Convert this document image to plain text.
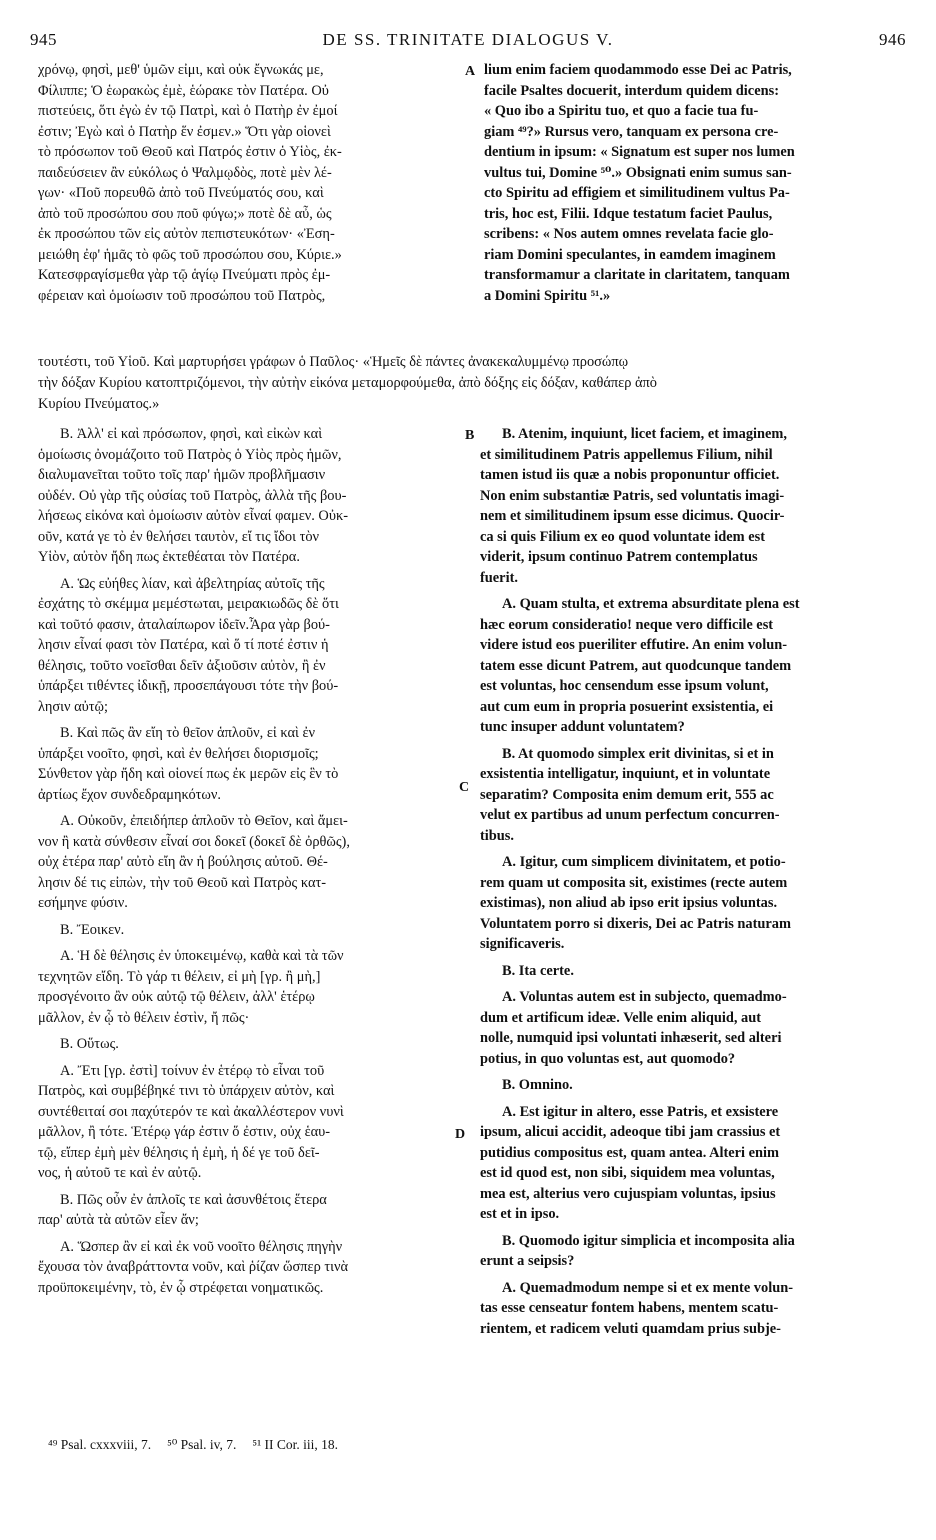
945	DE SS. TRINITATE DIALOGUS V.	946
χρόνῳ, φησὶ, μεθ' ὑμῶν εἰμι, καὶ οὐκ ἔγνωκάς με,
Φίλιππε; Ὁ ἑωρακὼς ἐμὲ, ἑώρακε τὸν Πατέρα. Οὐ
πιστεύεις, ὅτι ἐγὼ ἐν τῷ Πατρὶ, καὶ ὁ Πατὴρ ἐν ἐμοί
ἐστιν; Ἐγὼ καὶ ὁ Πατὴρ ἕν ἐσμεν.» Ὅτι γὰρ οἱονεὶ
τὸ πρόσωπον τοῦ Θεοῦ καὶ Πατρός ἐστιν ὁ Υἱὸς, ἐκ-
παιδεύσειεν ἂν εὐκόλως ὁ Ψαλμῳδὸς, ποτὲ μὲν λέ-
γων· «Ποῦ πορευθῶ ἀπὸ τοῦ Πνεύματός σου, καὶ
ἀπὸ τοῦ προσώπου σου ποῦ φύγω;» ποτὲ δὲ αὖ, ὡς
ἐκ προσώπου τῶν εἰς αὐτὸν πεπιστευκότων· «Ἐση-
μειώθη ἐφ' ἡμᾶς τὸ φῶς τοῦ προσώπου σου, Κύριε.»
Κατεσφραγίσμεθα γὰρ τῷ ἁγίῳ Πνεύματι πρὸς ἐμ-
φέρειαν καὶ ὁμοίωσιν τοῦ προσώπου τοῦ Πατρὸς,
lium enim faciem quodammodo esse Dei ac Patris,
facile Psaltes docuerit, interdum quidem dicens:
« Quo ibo a Spiritu tuo, et quo a facie tua fu-
giam ⁴⁹?» Rursus vero, tanquam ex persona cre-
dentium in ipsum: « Signatum est super nos lumen
vultus tui, Domine ⁵⁰.» Obsignati enim sumus san-
cto Spiritu ad effigiem et similitudinem vultus Pa-
tris, hoc est, Filii. Idque testatum faciet Paulus,
scribens: « Nos autem omnes revelata facie glo-
riam Domini speculantes, in eamdem imaginem
transformamur a claritate in claritatem, tanquam
a Domini Spiritu ⁵¹.»
A
τουτέστι, τοῦ Υἱοῦ. Καὶ μαρτυρήσει γράφων ὁ Παῦλος· «Ἡμεῖς δὲ πάντες ἀνακεκαλυμμένῳ προσώπῳ
τὴν δόξαν Κυρίου κατοπτριζόμενοι, τὴν αὐτὴν εἰκόνα μεταμορφούμεθα, ἀπὸ δόξης εἰς δόξαν, καθάπερ ἀπὸ
Κυρίου Πνεύματος.»
B. Ἀλλ' εἰ καὶ πρόσωπον, φησὶ, καὶ εἰκὼν καὶ
ὁμοίωσις ὀνομάζοιτο τοῦ Πατρὸς ὁ Υἱὸς πρὸς ἡμῶν,
διαλυμανεῖται τοῦτο τοῖς παρ' ἡμῶν προβλῆμασιν
οὐδέν. Οὐ γὰρ τῆς οὐσίας τοῦ Πατρὸς, ἀλλὰ τῆς βου-
λήσεως εἰκόνα καὶ ὁμοίωσιν αὐτὸν εἶναί φαμεν. Οὐκ-
οῦν, κατά γε τὸ ἐν θελήσει ταυτὸν, εἴ τις ἴδοι τὸν
Υἱὸν, αὐτὸν ἤδη πως ἐκτεθέαται τὸν Πατέρα.
A. Ὡς εὐήθες λίαν, καὶ ἀβελτηρίας αὐτοῖς τῆς
ἐσχάτης τὸ σκέμμα μεμέστωται, μειρακιωδῶς δὲ ὅτι
καὶ τοῦτό φασιν, ἀταλαίπωρον ἰδεῖν.Ἆρα γὰρ βού-
λησιν εἶναί φασι τὸν Πατέρα, καὶ ὅ τί ποτέ ἐστιν ἡ
θέλησις, τοῦτο νοεῖσθαι δεῖν ἀξιοῦσιν αὐτὸν, ἢ ἐν
ὑπάρξει τιθέντες ἰδικῇ, προσεπάγουσι τότε τὴν βού-
λησιν αὐτῷ;
B. Καὶ πῶς ἂν εἴη τὸ θεῖον ἁπλοῦν, εἰ καὶ ἐν
ὑπάρξει νοοῖτο, φησὶ, καὶ ἐν θελήσει διορισμοῖς;
Σύνθετον γὰρ ἤδη καὶ οἱονεί πως ἐκ μερῶν εἰς ἓν τὸ
ἀρτίως ἔχον συνδεδραμηκότων.
A. Οὐκοῦν, ἐπειδήπερ ἁπλοῦν τὸ Θεῖον, καὶ ἄμει-
νον ἢ κατὰ σύνθεσιν εἶναί σοι δοκεῖ (δοκεῖ δὲ ὀρθῶς),
οὐχ ἑτέρα παρ' αὐτὸ εἴη ἂν ἡ βούλησις αὐτοῦ. Θέ-
λησιν δέ τις εἰπὼν, τὴν τοῦ Θεοῦ καὶ Πατρὸς κατ-
εσήμηνε φύσιν.
B. Ἔοικεν.
A. Ἡ δὲ θέλησις ἐν ὑποκειμένῳ, καθὰ καὶ τὰ τῶν
τεχνητῶν εἴδη. Τὸ γάρ τι θέλειν, εἰ μὴ [γρ. ἢ μὴ,]
προσγένοιτο ἂν οὐκ αὐτῷ τῷ θέλειν, ἀλλ' ἑτέρῳ
μᾶλλον, ἐν ᾧ τὸ θέλειν ἐστὶν, ἤ πῶς·
B. Οὕτως.
A. Ἔτι [γρ. ἐστὶ] τοίνυν ἐν ἑτέρῳ τὸ εἶναι τοῦ
Πατρὸς, καὶ συμβέβηκέ τινι τὸ ὑπάρχειν αὐτὸν, καὶ
συντέθειταί σοι παχύτερόν τε καὶ ἀκαλλέστερον νυνὶ
μᾶλλον, ἢ τότε. Ἑτέρῳ γάρ ἐστιν ὅ ἐστιν, οὐχ ἑαυ-
τῷ, εἴπερ ἐμὴ μὲν θέλησις ἡ ἐμὴ, ἡ δέ γε τοῦ δεῖ-
νος, ἡ αὐτοῦ τε καὶ ἐν αὐτῷ.
B. Πῶς οὖν ἐν ἁπλοῖς τε καὶ ἀσυνθέτοις ἕτερα
παρ' αὐτὰ τὰ αὐτῶν εἶεν ἄν;
A. Ὥσπερ ἂν εἰ καὶ ἐκ νοῦ νοοῖτο θέλησις πηγὴν
ἔχουσα τὸν ἀναβράττοντα νοῦν, καὶ ῥίζαν ὥσπερ τινὰ
προϋποκειμένην, τὸ, ἐν ᾧ στρέφεται νοηματικῶς.
B. Atenim, inquiunt, licet faciem, et imaginem,
et similitudinem Patris appellemus Filium, nihil
tamen istud iis quæ a nobis proponuntur officiet.
Non enim substantiæ Patris, sed voluntatis imagi-
nem et similitudinem ipsum esse dicimus. Quocir-
ca si quis Filium ex eo quod voluntate idem est
viderit, ipsum continuo Patrem contemplatus
fuerit.
A. Quam stulta, et extrema absurditate plena est
hæc eorum consideratio! neque vero difficile est
videre istud eos pueriliter effutire. An enim volun-
tatem esse dicunt Patrem, aut quodcunque tandem
est voluntas, hoc censendum esse ipsum volunt,
aut cum eum in propria posuerint exsistentia, ei
tunc insuper addunt voluntatem?
B. At quomodo simplex erit divinitas, si et in
exsistentia intelligatur, inquiunt, et in voluntate
separatim? Composita enim demum erit, 555 ac
velut ex partibus ad unum perfectum concurren-
tibus.
A. Igitur, cum simplicem divinitatem, et potio-
rem quam ut composita sit, existimes (recte autem
existimas), non aliud ab ipso erit ipsius voluntas.
Voluntatem porro si dixeris, Dei ac Patris naturam
significaveris.
B. Ita certe.
A. Voluntas autem est in subjecto, quemadmo-
dum et artificum ideæ. Velle enim aliquid, aut
nolle, numquid ipsi voluntati inhæserit, sed alteri
potius, in quo voluntas est, aut quomodo?
B. Omnino.
A. Est igitur in altero, esse Patris, et exsistere
ipsum, alicui accidit, adeoque tibi jam crassius et
putidius compositus est, quam antea. Alteri enim
est id quod est, non sibi, siquidem mea voluntas,
mea est, alterius vero cujuspiam voluntas, ipsius
est et in ipso.
B. Quomodo igitur simplicia et incomposita alia
erunt a seipsis?
A. Quemadmodum nempe si et ex mente volun-
tas esse censeatur fontem habens, mentem scatu-
rientem, et radicem veluti quamdam prius subje-
B
C
D
⁴⁹ Psal. cxxxviii, 7. ⁵⁰ Psal. iv, 7. ⁵¹ II Cor. iii, 18.
